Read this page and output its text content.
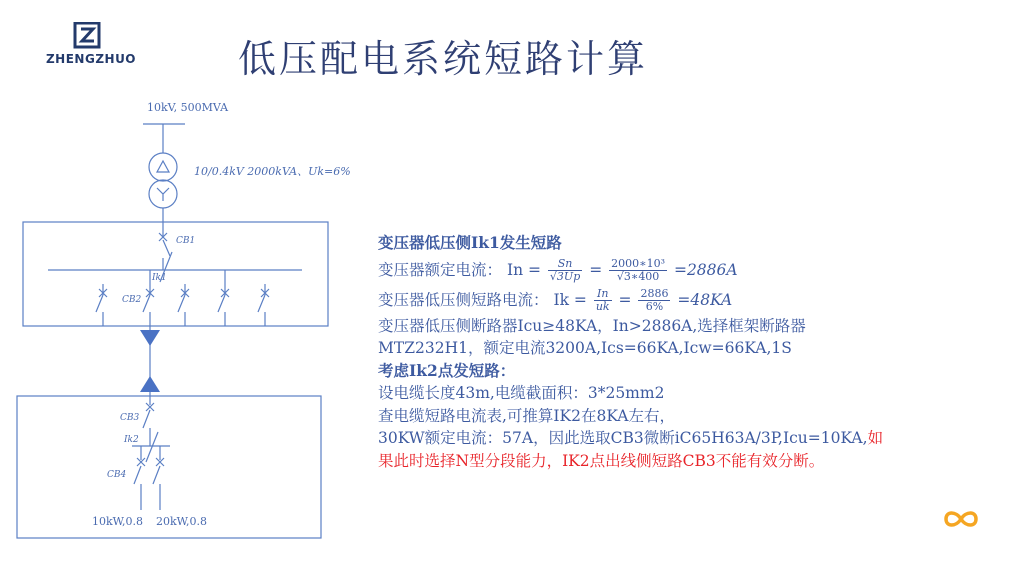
ZHENGZHUO	低压配电系统短路计算
10kV, 500MVA
10/0.4kV 2000kVA、Uk=6%
CB1
Ik1
CB2
CB3
Ik2
CB4
10kW,0.8 20kW,0.8
变压器低压侧Ik1发生短路
变压器额定电流： $In = \frac{Sn}{√3Up} = \frac{\text{2000∗10³}}{√3∗400} =2886A$
变压器低压侧短路电流： $Ik = \frac{In}{uk} = \frac{2886}{6\%} =48KA$
变压器低压侧断路器Icu≥48KA，In>2886A,选择框架断路器
MTZ232H1，额定电流3200A,Ics=66KA,Icw=66KA,1S
考虑Ik2点发短路：
设电缆长度43m,电缆截面积：3*25mm2
查电缆短路电流表,可推算IK2在8KA左右，
30KW额定电流：57A，因此选取CB3微断iC65H63A/3P,Icu=10KA,如
果此时选择N型分段能力，IK2点出线侧短路CB3不能有效分断。
